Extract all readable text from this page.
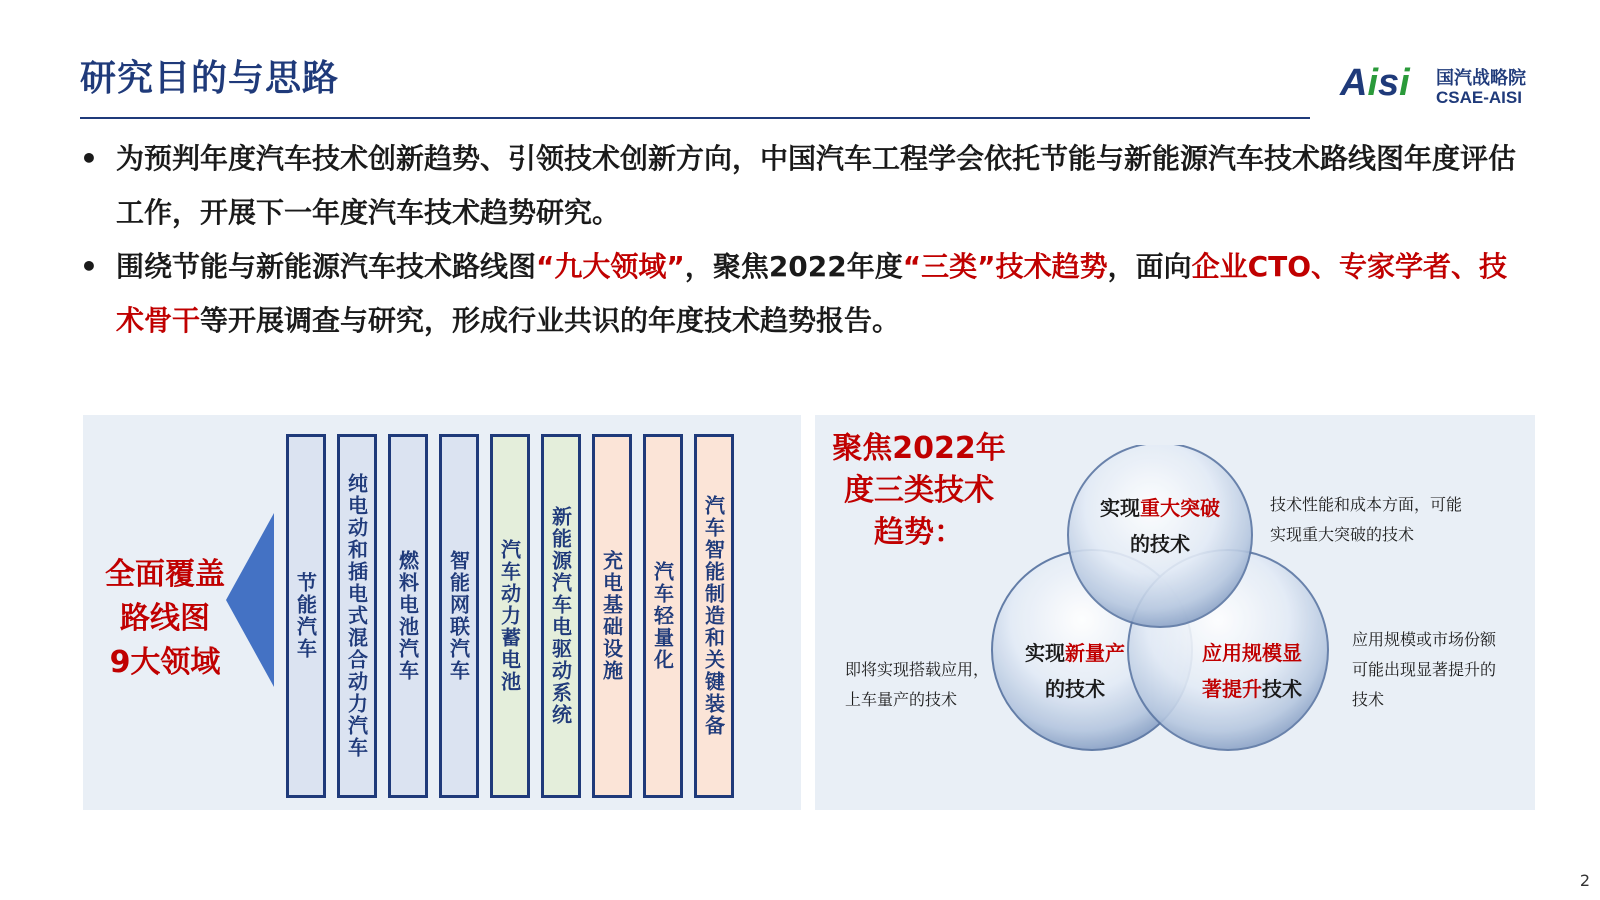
研究目的与思路	Aisi 国汽战略院
CSAE-AISI
• 为预判年度汽车技术创新趋势、引领技术创新方向，中国汽车工程学会依托节能与新能源汽车技术路线图年度评估工作，开展下一年度汽车技术趋势研究。
• 围绕节能与新能源汽车技术路线图“九大领域”，聚焦2022年度“三类”技术趋势，面向企业CTO、专家学者、技术骨干等开展调查与研究，形成行业共识的年度技术趋势报告。
全面覆盖
路线图
9大领域
节能汽车 纯电动和插电式混合动力汽车 燃料电池汽车 智能网联汽车 汽车动力蓄电池 新能源汽车电驱动系统 充电基础设施 汽车轻量化 汽车智能制造和关键装备
聚焦2022年
度三类技术
趋势：
实现重大突破
的技术
实现新量产
的技术
应用规模显
著提升技术
技术性能和成本方面，可能
实现重大突破的技术
即将实现搭载应用，
上车量产的技术
应用规模或市场份额
可能出现显著提升的
技术
2
